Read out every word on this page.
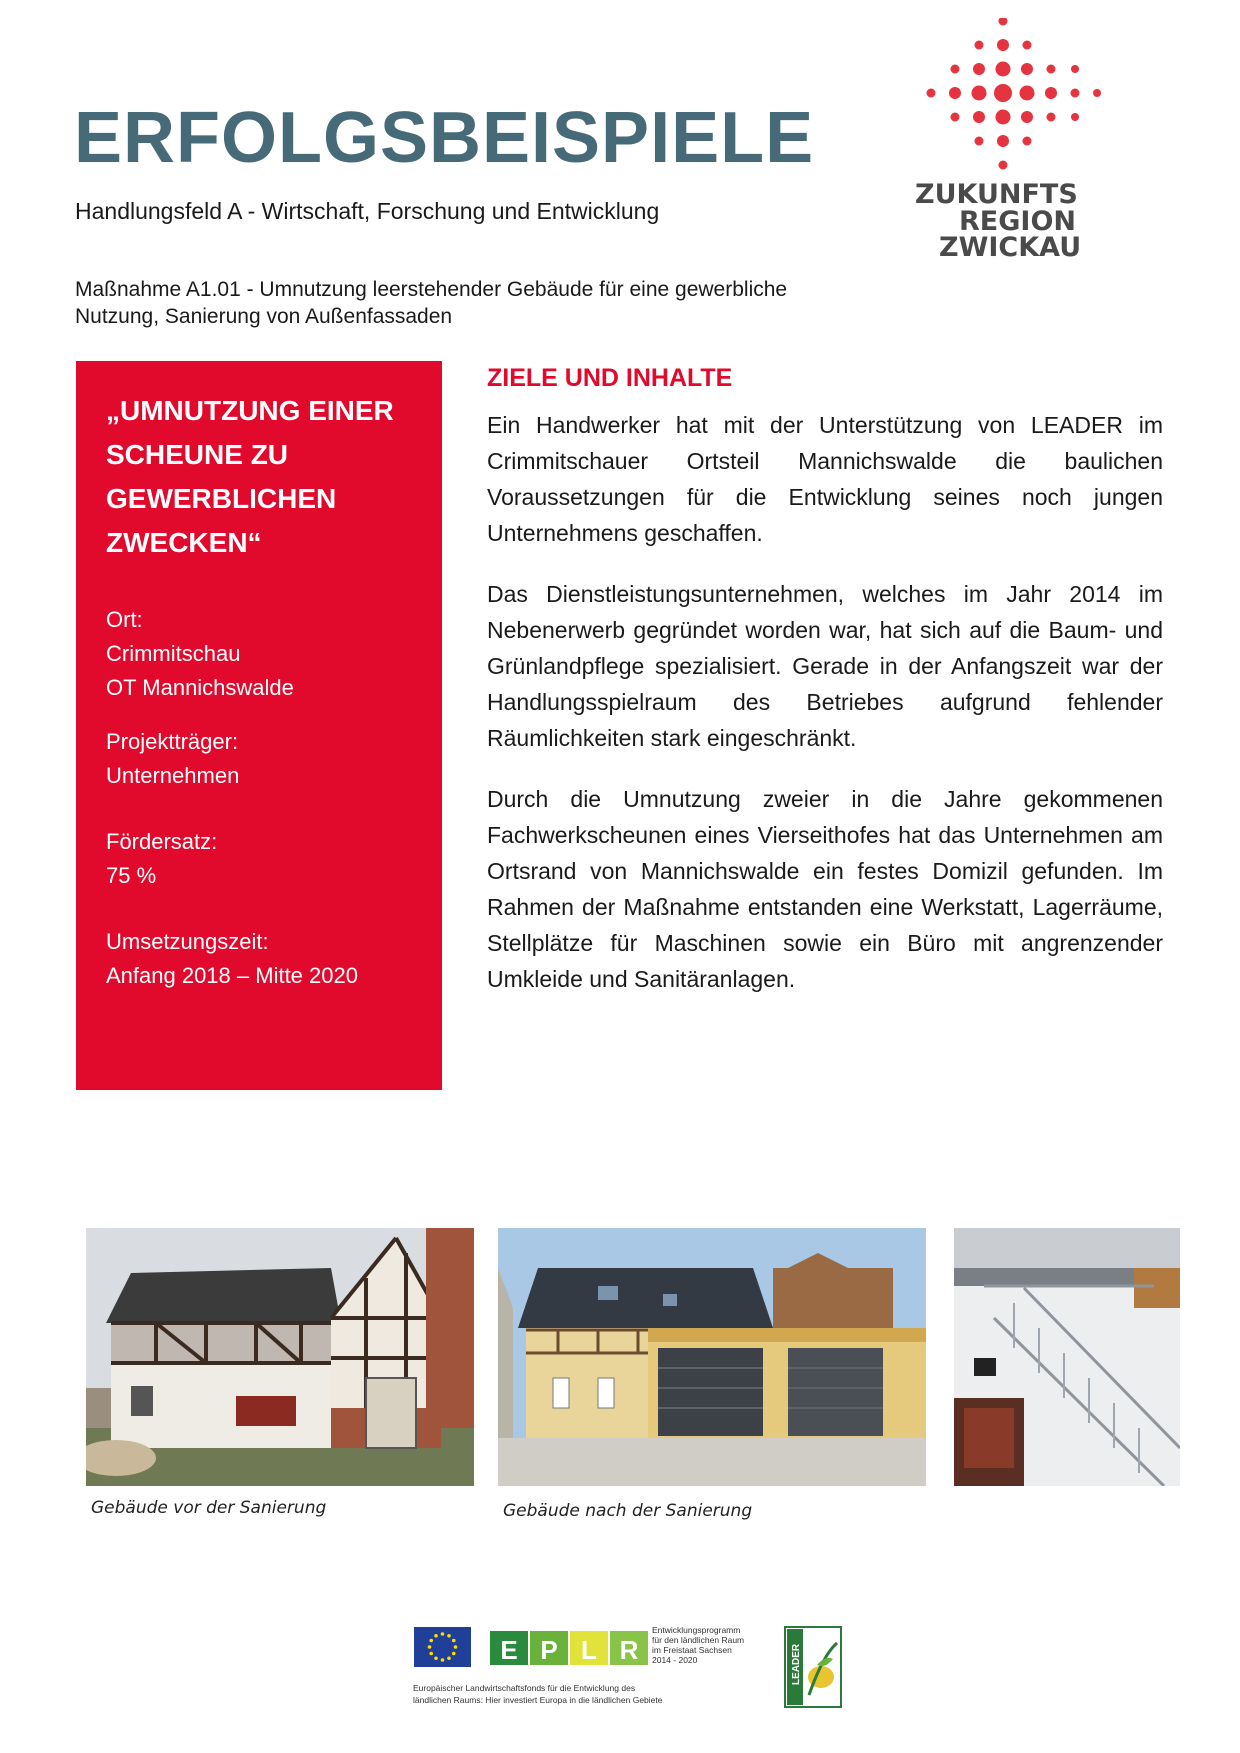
ERFOLGSBEISPIELE
Handlungsfeld A - Wirtschaft, Forschung und Entwicklung
Maßnahme A1.01 - Umnutzung leerstehender Gebäude für eine gewerbliche
Nutzung, Sanierung von Außenfassaden
ZUKUNFTS
REGION
ZWICKAU
„UMNUTZUNG EINER
SCHEUNE ZU
GEWERBLICHEN
ZWECKEN“
Ort:
Crimmitschau
OT Mannichswalde
Projektträger:
Unternehmen
Fördersatz:
75 %
Umsetzungszeit:
Anfang 2018 – Mitte 2020
ZIELE UND INHALTE

Ein Handwerker hat mit der Unterstützung von LEADER im Crimmitschauer Ortsteil Mannichswalde die baulichen Voraussetzungen für die Entwicklung seines noch jungen Unternehmens geschaffen.

Das Dienstleistungsunternehmen, welches im Jahr 2014 im Nebenerwerb gegründet worden war, hat sich auf die Baum- und Grünlandpflege spezialisiert. Gerade in der Anfangszeit war der Handlungsspielraum des Betriebes aufgrund fehlender Räumlichkeiten stark eingeschränkt.

Durch die Umnutzung zweier in die Jahre gekommenen Fachwerkscheunen eines Vierseithofes hat das Unternehmen am Ortsrand von Mannichswalde ein festes Domizil gefunden. Im Rahmen der Maßnahme entstanden eine Werkstatt, Lagerräume, Stellplätze für Maschinen sowie ein Büro mit angrenzender Umkleide und Sanitäranlagen.

Gebäude vor der Sanierung	Gebäude nach der Sanierung
E P L R
Entwicklungsprogramm
für den ländlichen Raum
im Freistaat Sachsen
2014 - 2020
Europäischer Landwirtschaftsfonds für die Entwicklung des
ländlichen Raums: Hier investiert Europa in die ländlichen Gebiete
LEADER
